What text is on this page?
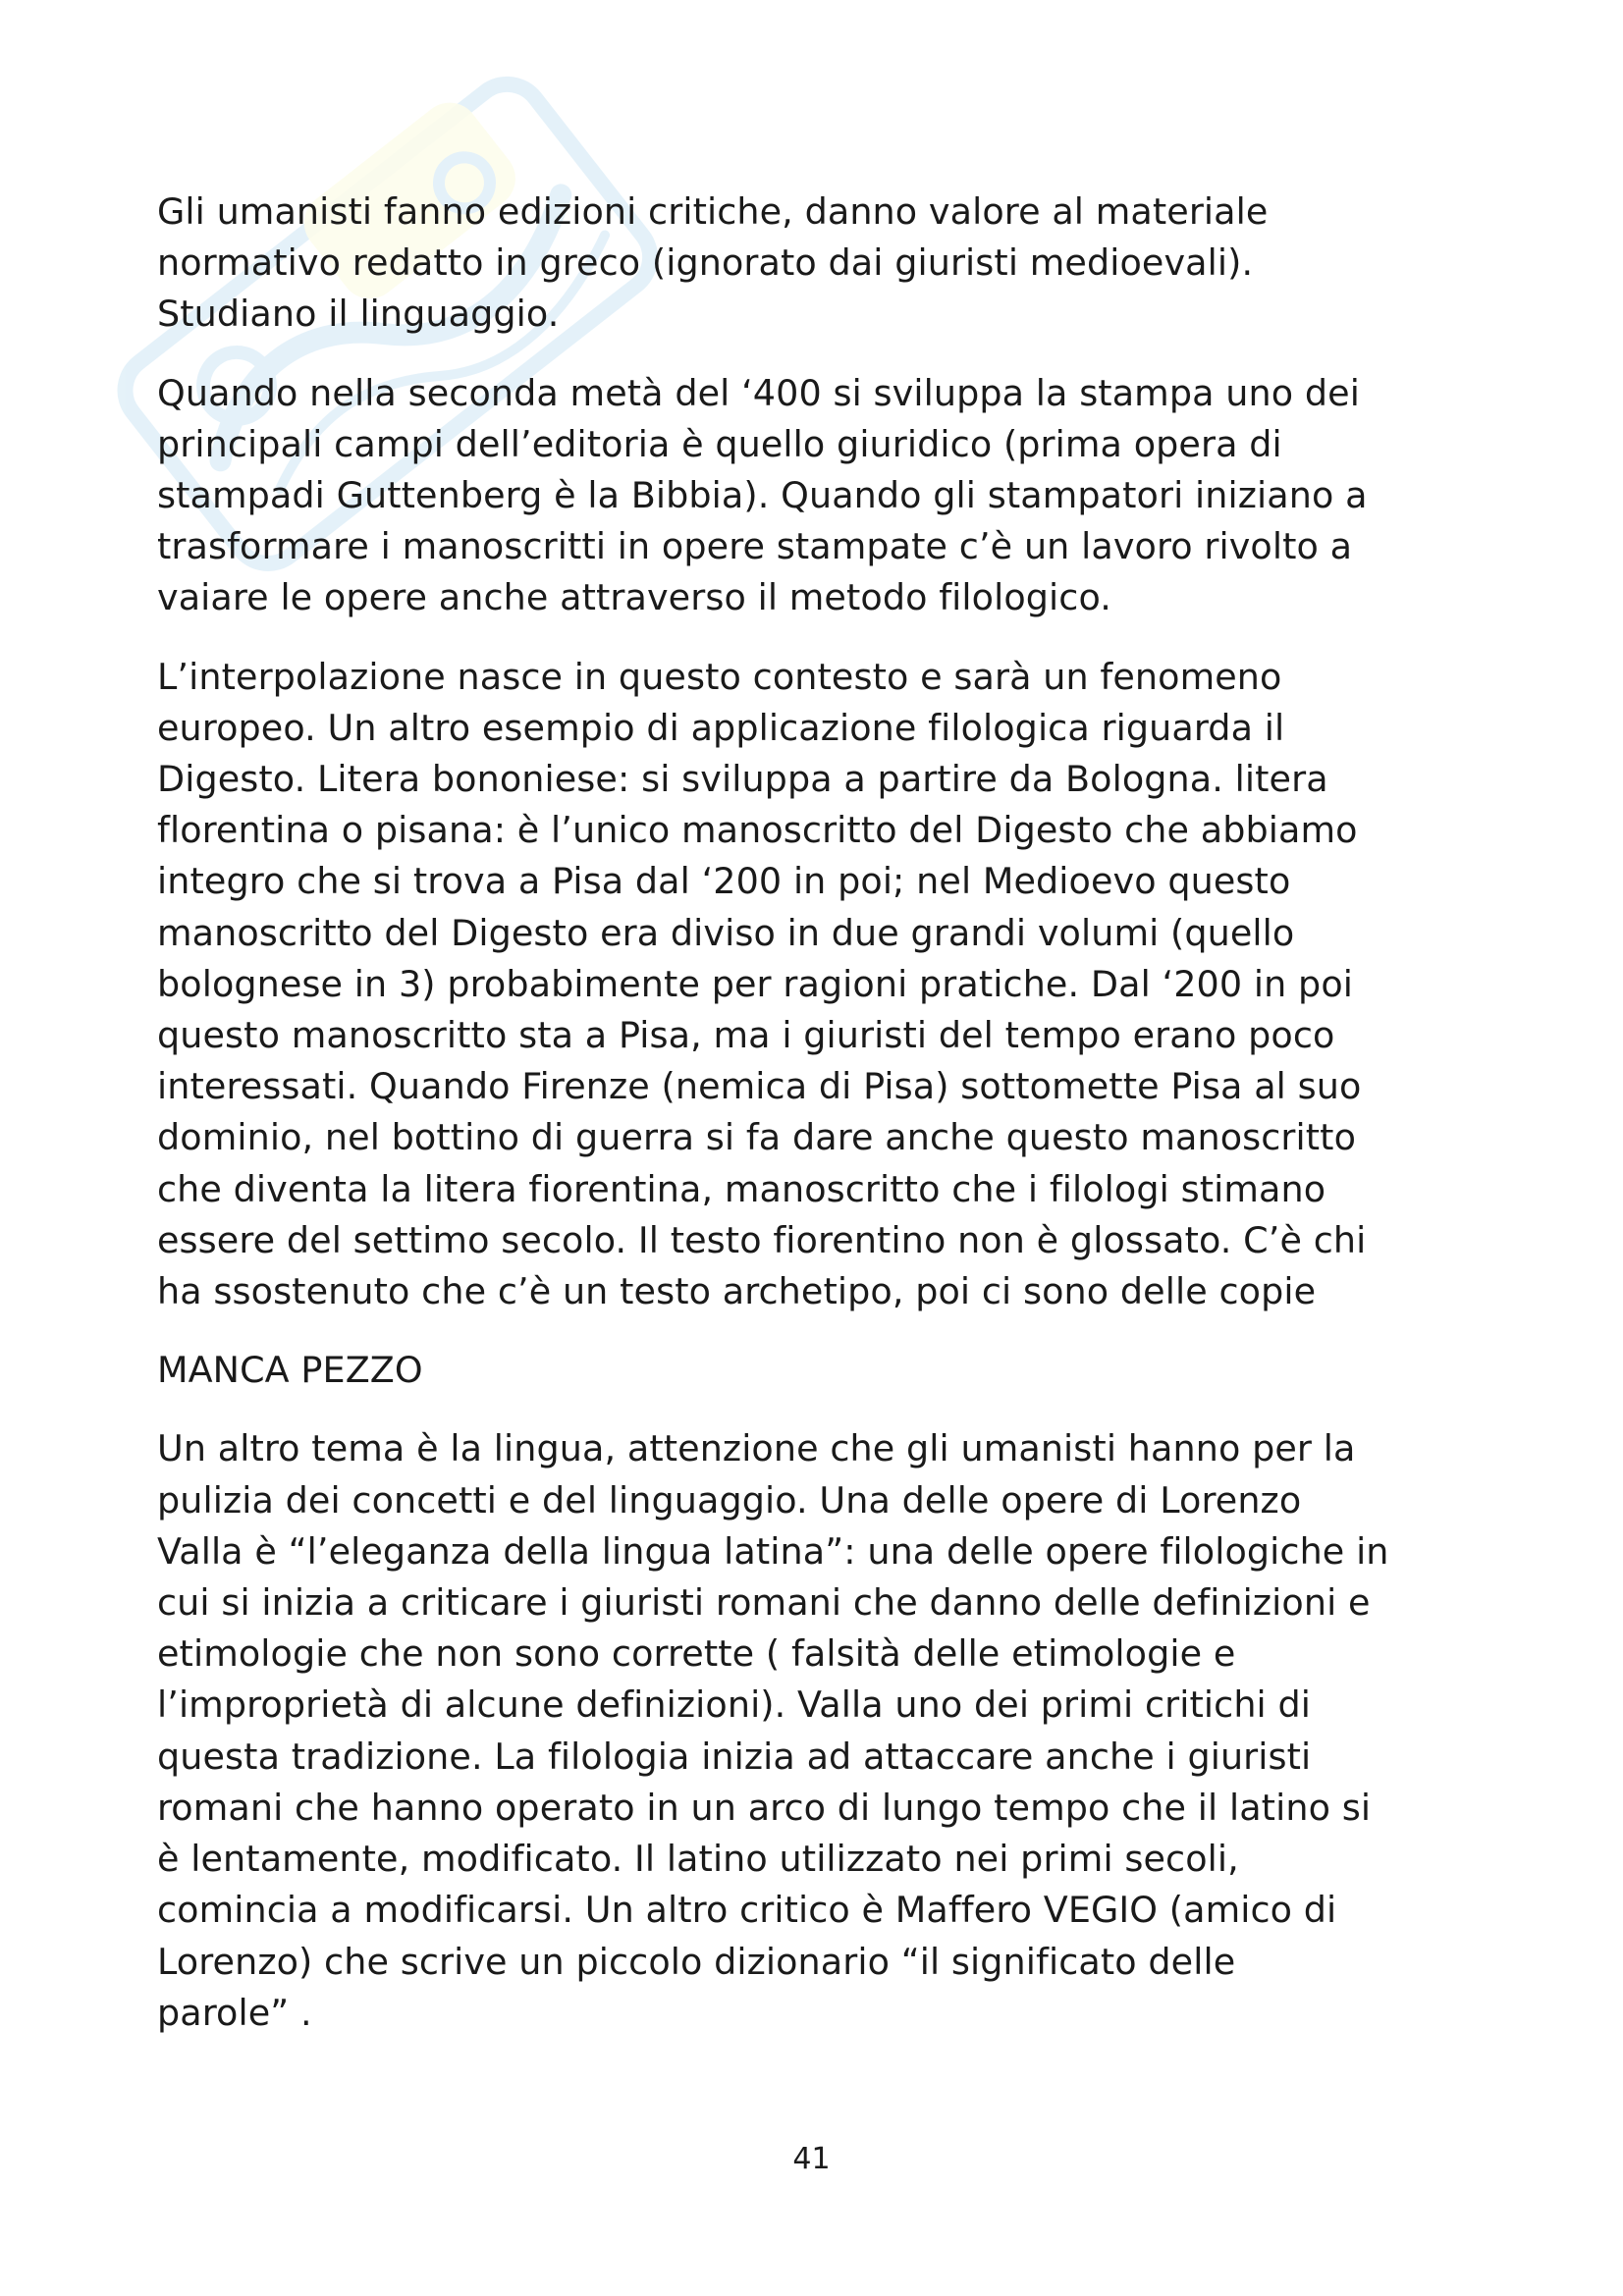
Gli umanisti fanno edizioni critiche, danno valore al materiale
normativo redatto in greco (ignorato dai giuristi medioevali).
Studiano il linguaggio.

Quando nella seconda metà del ‘400 si sviluppa la stampa uno dei
principali campi dell’editoria è quello giuridico (prima opera di
stampadi Guttenberg è la Bibbia). Quando gli stampatori iniziano a
trasformare i manoscritti in opere stampate c’è un lavoro rivolto a
vaiare le opere anche attraverso il metodo filologico.

L’interpolazione nasce in questo contesto e sarà un fenomeno
europeo. Un altro esempio di applicazione filologica riguarda il
Digesto. Litera bononiese: si sviluppa a partire da Bologna. litera
florentina o pisana: è l’unico manoscritto del Digesto che abbiamo
integro che si trova a Pisa dal ‘200 in poi; nel Medioevo questo
manoscritto del Digesto era diviso in due grandi volumi (quello
bolognese in 3) probabimente per ragioni pratiche. Dal ‘200 in poi
questo manoscritto sta a Pisa, ma i giuristi del tempo erano poco
interessati. Quando Firenze (nemica di Pisa) sottomette Pisa al suo
dominio, nel bottino di guerra si fa dare anche questo manoscritto
che diventa la litera fiorentina, manoscritto che i filologi stimano
essere del settimo secolo. Il testo fiorentino non è glossato. C’è chi
ha ssostenuto che c’è un testo archetipo, poi ci sono delle copie

MANCA PEZZO

Un altro tema è la lingua, attenzione che gli umanisti hanno per la
pulizia dei concetti e del linguaggio. Una delle opere di Lorenzo
Valla è “l’eleganza della lingua latina”: una delle opere filologiche in
cui si inizia a criticare i giuristi romani che danno delle definizioni e
etimologie che non sono corrette ( falsità delle etimologie e
l’improprietà di alcune definizioni). Valla uno dei primi critichi di
questa tradizione. La filologia inizia ad attaccare anche i giuristi
romani che hanno operato in un arco di lungo tempo che il latino si
è lentamente, modificato. Il latino utilizzato nei primi secoli,
comincia a modificarsi. Un altro critico è Maffero VEGIO (amico di
Lorenzo) che scrive un piccolo dizionario “il significato delle
parole” .

41
